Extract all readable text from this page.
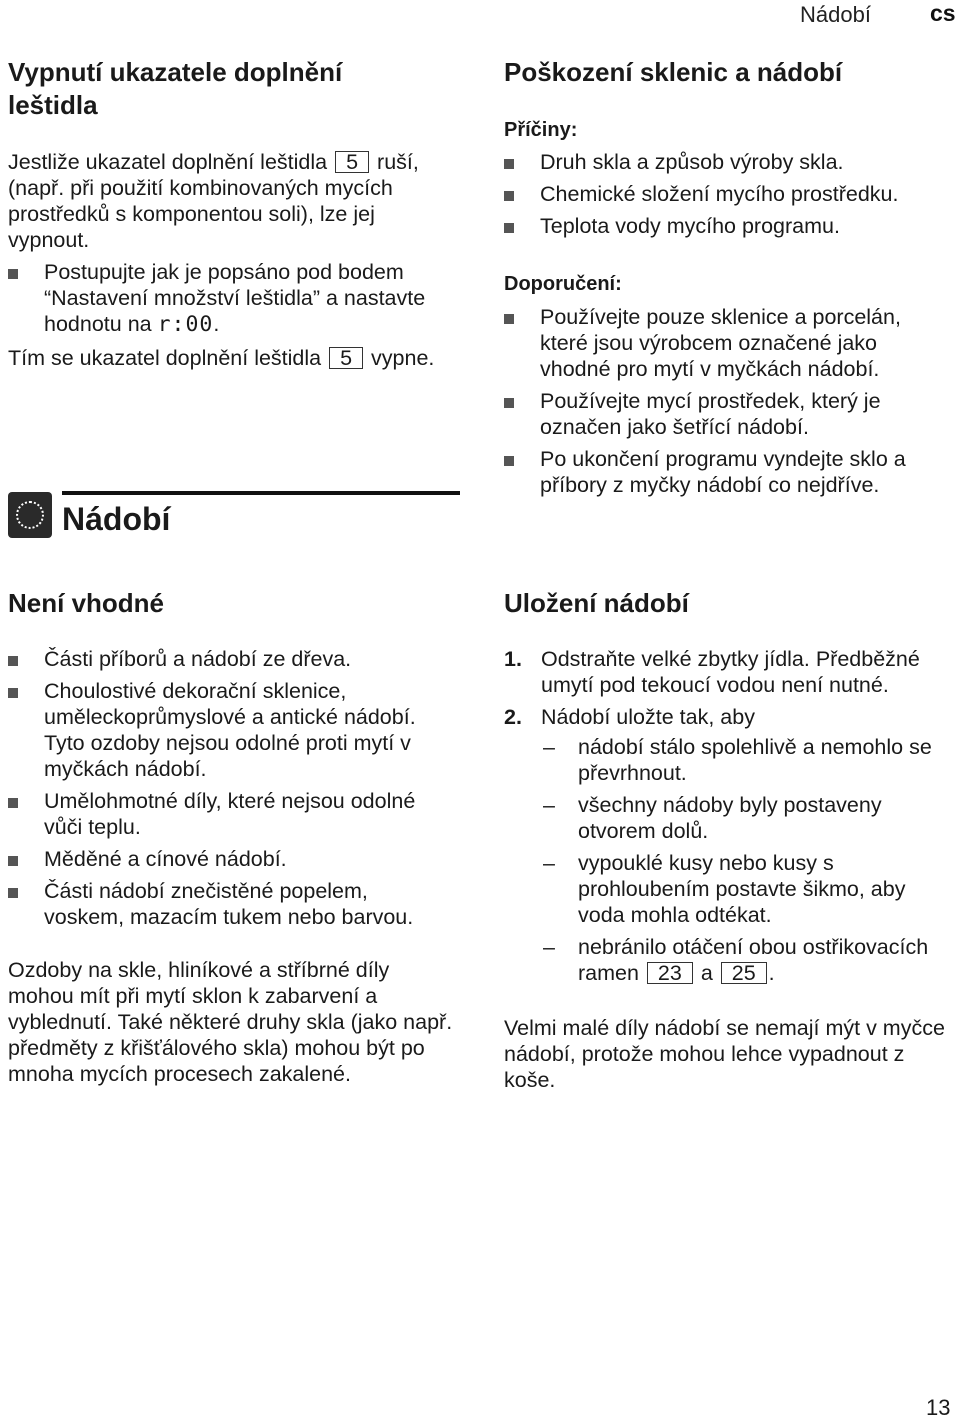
Nádobí	cs
Vypnutí ukazatele doplnění leštidla

Jestliže ukazatel doplnění leštidla 5 ruší, (např. při použití kombinovaných mycích prostředků s komponentou soli), lze jej vypnout.

Postupujte jak je popsáno pod bodem “Nastavení množství leštidla” a nastavte hodnotu na r:00.

Tím se ukazatel doplnění leštidla 5 vypne.

Nádobí
Není vhodné
Části příborů a nádobí ze dřeva.
Choulostivé dekorační sklenice, uměleckoprůmyslové a antické nádobí. Tyto ozdoby nejsou odolné proti mytí v myčkách nádobí.
Umělohmotné díly, které nejsou odolné vůči teplu.
Měděné a cínové nádobí.
Části nádobí znečistěné popelem, voskem, mazacím tukem nebo barvou.

Ozdoby na skle, hliníkové a stříbrné díly mohou mít při mytí sklon k zabarvení a vyblednutí. Také některé druhy skla (jako např. předměty z křišťálového skla) mohou být po mnoha mycích procesech zakalené.

Poškození sklenic a nádobí
Příčiny:
Druh skla a způsob výroby skla.
Chemické složení mycího prostředku.
Teplota vody mycího programu.
Doporučení:
Používejte pouze sklenice a porcelán, které jsou výrobcem označené jako vhodné pro mytí v myčkách nádobí.
Používejte mycí prostředek, který je označen jako šetřící nádobí.
Po ukončení programu vyndejte sklo a příbory z myčky nádobí co nejdříve.
Uložení nádobí
1. Odstraňte velké zbytky jídla. Předběžné umytí pod tekoucí vodou není nutné.
2. Nádobí uložte tak, aby
– nádobí stálo spolehlivě a nemohlo se převrhnout.
– všechny nádoby byly postaveny otvorem dolů.
– vypouklé kusy nebo kusy s prohloubením postavte šikmo, aby voda mohla odtékat.
– nebránilo otáčení obou ostřikovacích ramen 23 a 25 .

Velmi malé díly nádobí se nemají mýt v myčce nádobí, protože mohou lehce vypadnout z koše.

13
